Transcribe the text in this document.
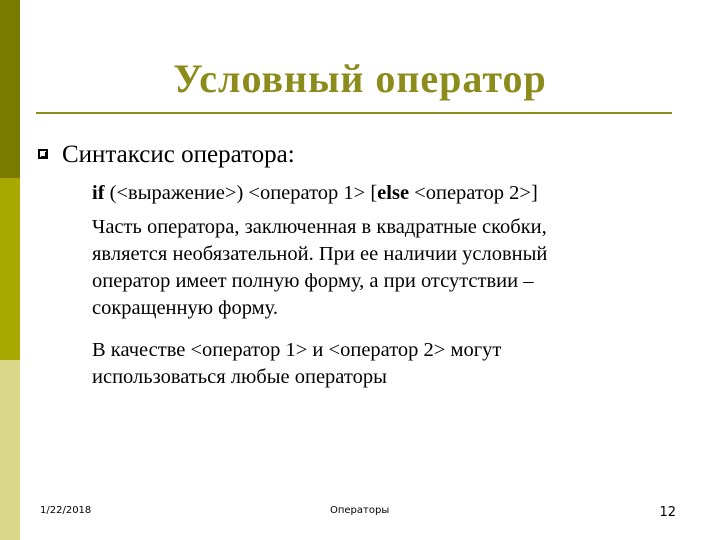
Условный оператор
Синтаксис оператора:
if (<выражение>) <оператор 1> [else <оператор 2>]
Часть оператора, заключенная в квадратные скобки,
является необязательной. При ее наличии условный
оператор имеет полную форму, а при отсутствии –
сокращенную форму.
В качестве <оператор 1> и <оператор 2> могут
использоваться любые операторы
1/22/2018	Операторы	12
